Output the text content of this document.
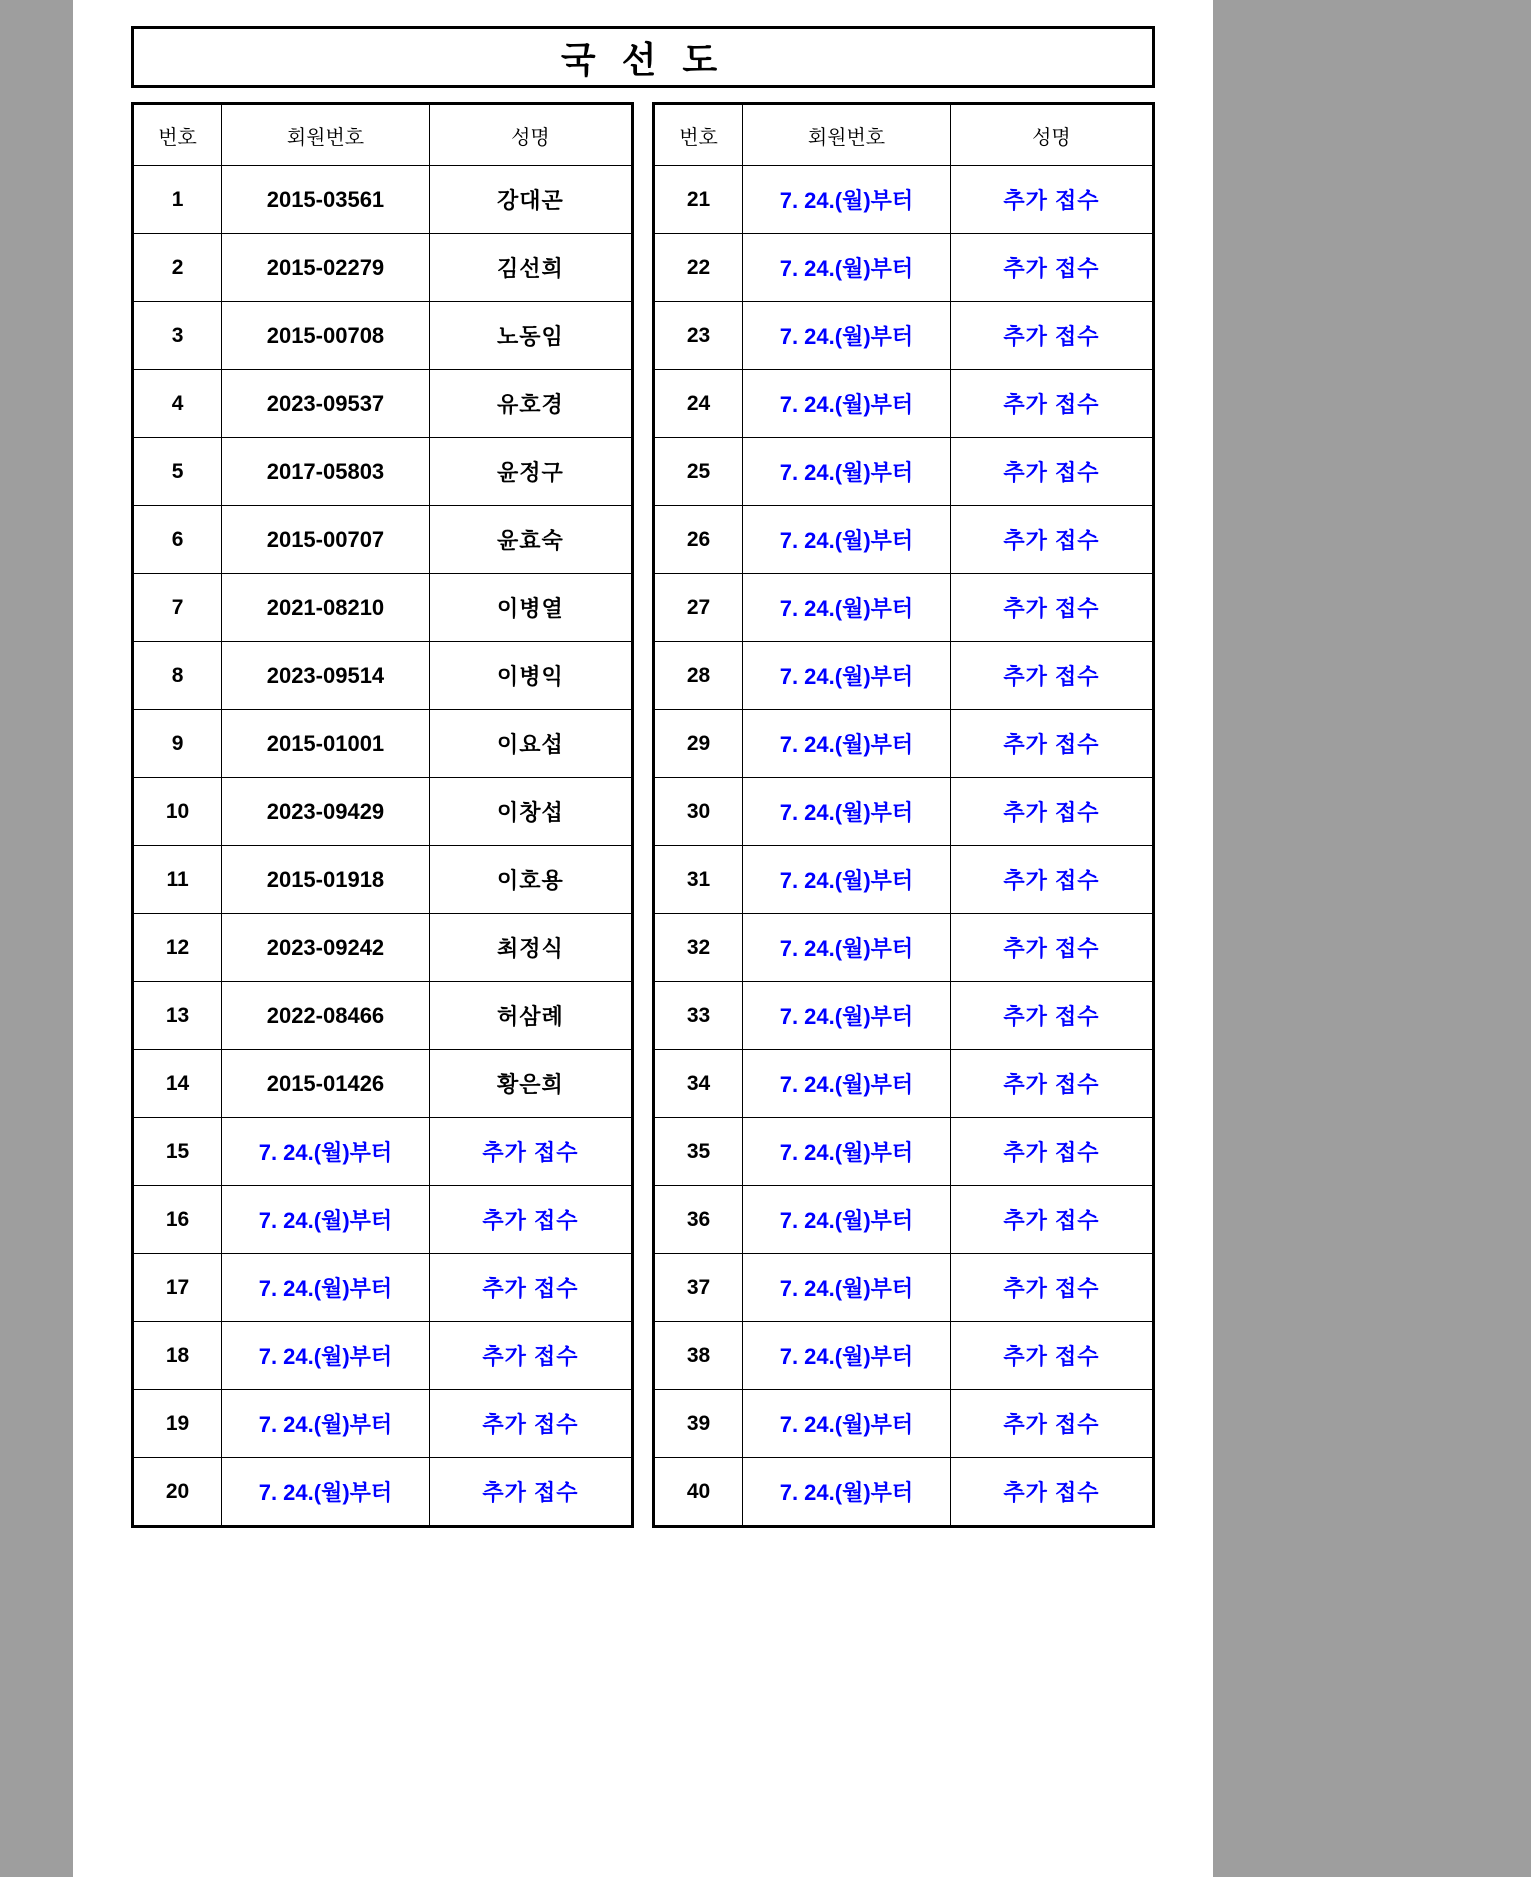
국 선 도
번호	회원번호	성명
1	2015-03561	강대곤
2	2015-02279	김선희
3	2015-00708	노동임
4	2023-09537	유호경
5	2017-05803	윤정구
6	2015-00707	윤효숙
7	2021-08210	이병열
8	2023-09514	이병익
9	2015-01001	이요섭
10	2023-09429	이창섭
11	2015-01918	이호용
12	2023-09242	최정식
13	2022-08466	허삼례
14	2015-01426	황은희
15	7. 24.(월)부터	추가 접수
16	7. 24.(월)부터	추가 접수
17	7. 24.(월)부터	추가 접수
18	7. 24.(월)부터	추가 접수
19	7. 24.(월)부터	추가 접수
20	7. 24.(월)부터	추가 접수
번호	회원번호	성명
21	7. 24.(월)부터	추가 접수
22	7. 24.(월)부터	추가 접수
23	7. 24.(월)부터	추가 접수
24	7. 24.(월)부터	추가 접수
25	7. 24.(월)부터	추가 접수
26	7. 24.(월)부터	추가 접수
27	7. 24.(월)부터	추가 접수
28	7. 24.(월)부터	추가 접수
29	7. 24.(월)부터	추가 접수
30	7. 24.(월)부터	추가 접수
31	7. 24.(월)부터	추가 접수
32	7. 24.(월)부터	추가 접수
33	7. 24.(월)부터	추가 접수
34	7. 24.(월)부터	추가 접수
35	7. 24.(월)부터	추가 접수
36	7. 24.(월)부터	추가 접수
37	7. 24.(월)부터	추가 접수
38	7. 24.(월)부터	추가 접수
39	7. 24.(월)부터	추가 접수
40	7. 24.(월)부터	추가 접수
